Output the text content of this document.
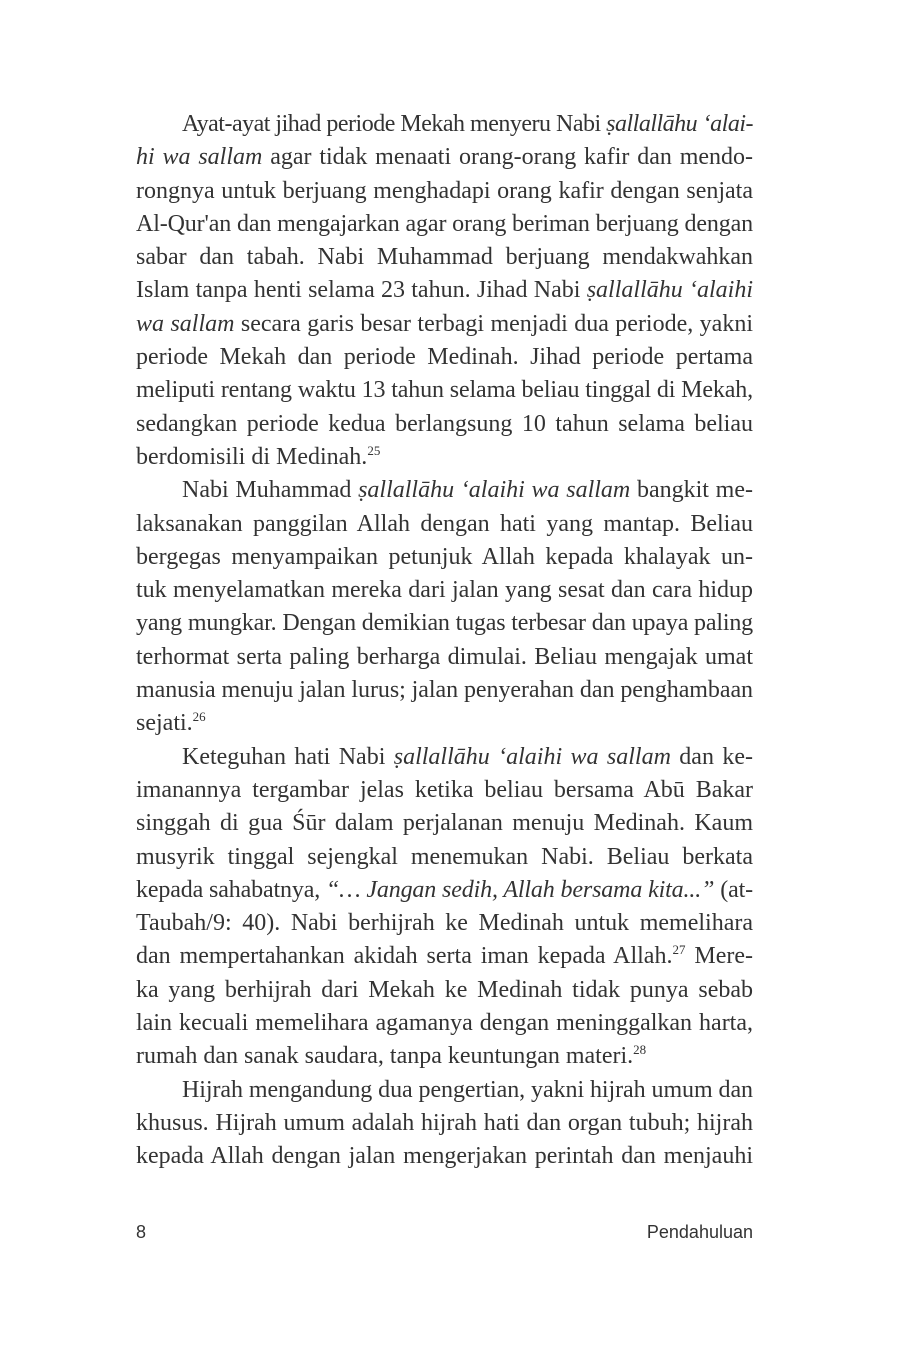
Ayat-ayat jihad periode Mekah menyeru Nabi ṣallallāhu ‘alai-
hi wa sallam agar tidak menaati orang-orang kafir dan mendo-
rongnya untuk berjuang menghadapi orang kafir dengan senjata
Al-Qur'an dan mengajarkan agar orang beriman berjuang dengan
sabar dan tabah. Nabi Muhammad berjuang mendakwahkan
Islam tanpa henti selama 23 tahun. Jihad Nabi ṣallallāhu ‘alaihi
wa sallam secara garis besar terbagi menjadi dua periode, yakni
periode Mekah dan periode Medinah. Jihad periode pertama
meliputi rentang waktu 13 tahun selama beliau tinggal di Mekah,
sedangkan periode kedua berlangsung 10 tahun selama beliau
berdomisili di Medinah.$^{25}$
Nabi Muhammad ṣallallāhu ‘alaihi wa sallam bangkit me-
laksanakan panggilan Allah dengan hati yang mantap. Beliau
bergegas menyampaikan petunjuk Allah kepada khalayak un-
tuk menyelamatkan mereka dari jalan yang sesat dan cara hidup
yang mungkar. Dengan demikian tugas terbesar dan upaya paling
terhormat serta paling berharga dimulai. Beliau mengajak umat
manusia menuju jalan lurus; jalan penyerahan dan penghambaan
sejati.$^{26}$
Keteguhan hati Nabi ṣallallāhu ‘alaihi wa sallam dan ke-
imanannya tergambar jelas ketika beliau bersama Abū Bakar
singgah di gua Śūr dalam perjalanan menuju Medinah. Kaum
musyrik tinggal sejengkal menemukan Nabi. Beliau berkata
kepada sahabatnya, “… Jangan sedih, Allah bersama kita...” (at-
Taubah/9: 40). Nabi berhijrah ke Medinah untuk memelihara
dan mempertahankan akidah serta iman kepada Allah.$^{27}$ Mere-
ka yang berhijrah dari Mekah ke Medinah tidak punya sebab
lain kecuali memelihara agamanya dengan meninggalkan harta,
rumah dan sanak saudara, tanpa keuntungan materi.$^{28}$
Hijrah mengandung dua pengertian, yakni hijrah umum dan
khusus. Hijrah umum adalah hijrah hati dan organ tubuh; hijrah
kepada Allah dengan jalan mengerjakan perintah dan menjauhi
8	Pendahuluan
